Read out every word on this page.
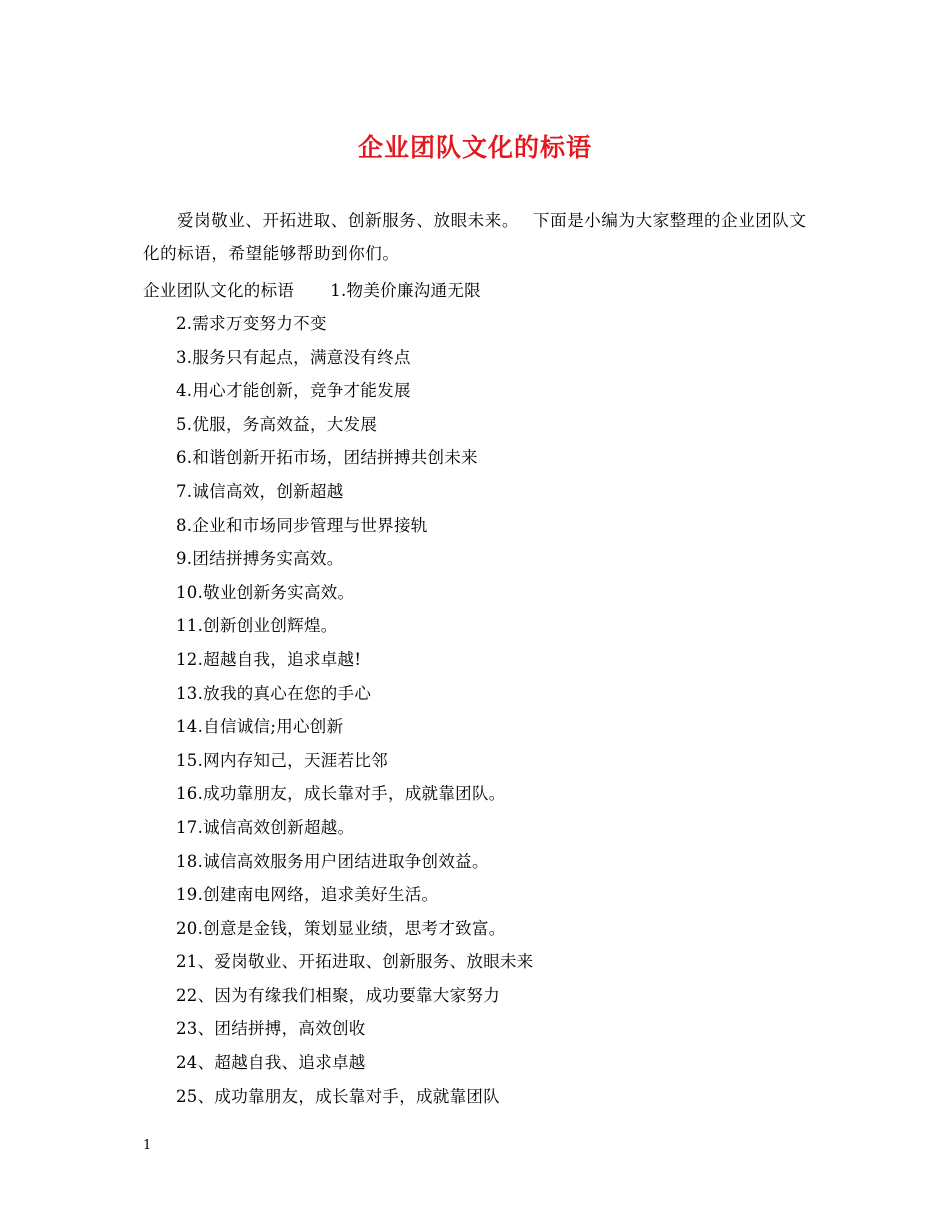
企业团队文化的标语
爱岗敬业、开拓进取、创新服务、放眼未来。 下面是小编为大家整理的企业团队文化的标语，希望能够帮助到你们。
企业团队文化的标语 1.物美价廉沟通无限
2.需求万变努力不变
3.服务只有起点，满意没有终点
4.用心才能创新，竞争才能发展
5.优服，务高效益，大发展
6.和谐创新开拓市场，团结拼搏共创未来
7.诚信高效，创新超越
8.企业和市场同步管理与世界接轨
9.团结拼搏务实高效。
10.敬业创新务实高效。
11.创新创业创辉煌。
12.超越自我，追求卓越!
13.放我的真心在您的手心
14.自信诚信;用心创新
15.网内存知己，天涯若比邻
16.成功靠朋友，成长靠对手，成就靠团队。
17.诚信高效创新超越。
18.诚信高效服务用户团结进取争创效益。
19.创建南电网络，追求美好生活。
20.创意是金钱，策划显业绩，思考才致富。
21、爱岗敬业、开拓进取、创新服务、放眼未来
22、因为有缘我们相聚，成功要靠大家努力
23、团结拼搏，高效创收
24、超越自我、追求卓越
25、成功靠朋友，成长靠对手，成就靠团队
1
